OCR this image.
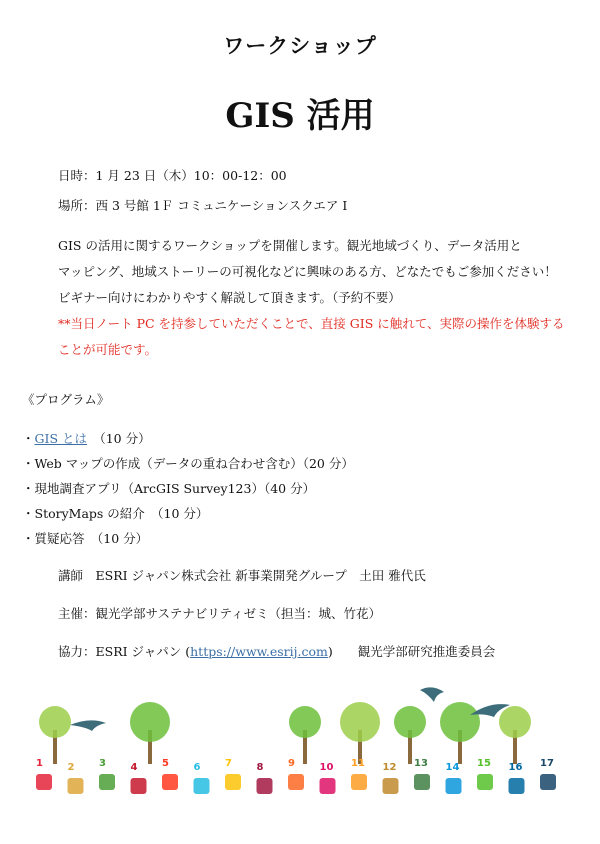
ワークショップ
GIS 活用
日時：1 月 23 日（木）10：00-12：00
場所：西 3 号館 1Ｆ コミュニケーションスクエア I
GIS の活用に関するワークショップを開催します。観光地域づくり、データ活用と
マッピング、地域ストーリーの可視化などに興味のある方、どなたでもご参加ください！
ビギナー向けにわかりやすく解説して頂きます。（予約不要）
**当日ノート PC を持参していただくことで、直接 GIS に触れて、実際の操作を体験する
ことが可能です。
《プログラム》
・GIS とは　（10 分）
・Web マップの作成（データの重ね合わせ含む）（20 分）
・現地調査アプリ（ArcGIS Survey123）（40 分）
・StoryMaps の紹介　（10 分）
・質疑応答　（10 分）
講師　ESRI ジャパン株式会社 新事業開発グループ　土田 雅代氏
主催：観光学部サステナビリティゼミ（担当：城、竹花）
協力：ESRI ジャパン (https://www.esrij.com)　　観光学部研究推進委員会
1 2 3 4 5 6 7 8 9 10 11 12 13 14 15 16 17
